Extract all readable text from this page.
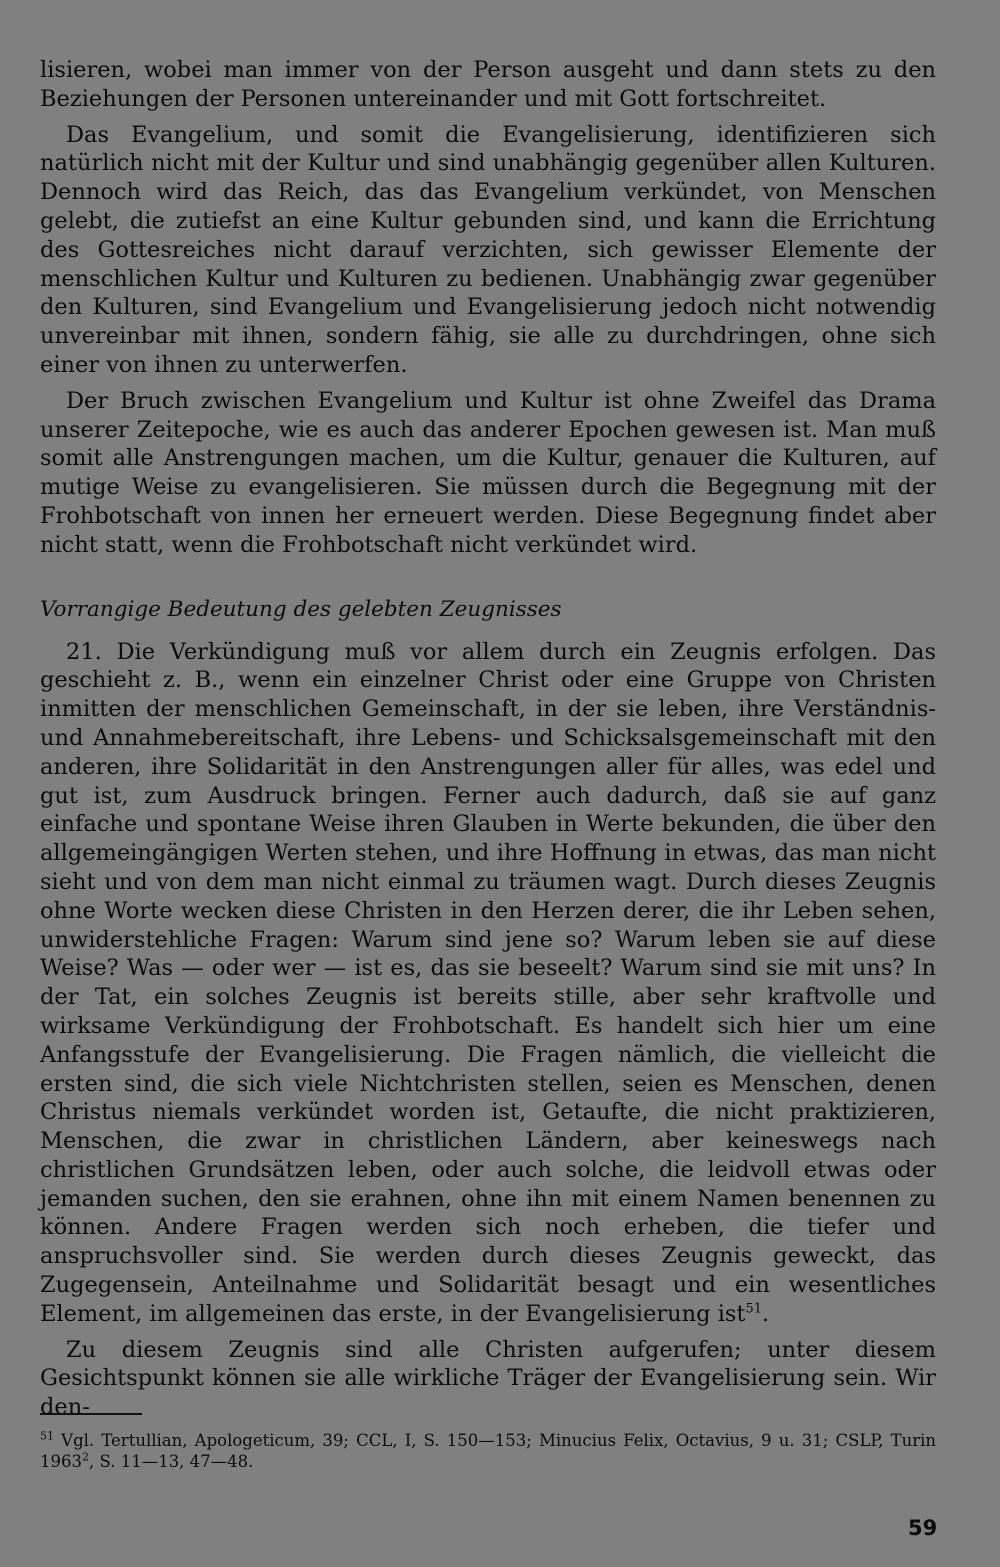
lisieren, wobei man immer von der Person ausgeht und dann stets zu den Beziehungen der Personen untereinander und mit Gott fortschreitet.

Das Evangelium, und somit die Evangelisierung, identifizieren sich natürlich nicht mit der Kultur und sind unabhängig gegenüber allen Kulturen. Dennoch wird das Reich, das das Evangelium verkündet, von Menschen gelebt, die zutiefst an eine Kultur gebunden sind, und kann die Errichtung des Gottesreiches nicht darauf verzichten, sich gewisser Elemente der menschlichen Kultur und Kulturen zu bedienen. Unabhängig zwar gegenüber den Kulturen, sind Evangelium und Evangelisierung jedoch nicht notwendig unvereinbar mit ihnen, sondern fähig, sie alle zu durchdringen, ohne sich einer von ihnen zu unterwerfen.

Der Bruch zwischen Evangelium und Kultur ist ohne Zweifel das Drama unserer Zeitepoche, wie es auch das anderer Epochen gewesen ist. Man muß somit alle Anstrengungen machen, um die Kultur, genauer die Kulturen, auf mutige Weise zu evangelisieren. Sie müssen durch die Begegnung mit der Frohbotschaft von innen her erneuert werden. Diese Begegnung findet aber nicht statt, wenn die Frohbotschaft nicht verkündet wird.

Vorrangige Bedeutung des gelebten Zeugnisses

21. Die Verkündigung muß vor allem durch ein Zeugnis erfolgen. Das geschieht z. B., wenn ein einzelner Christ oder eine Gruppe von Christen inmitten der menschlichen Gemeinschaft, in der sie leben, ihre Verständnis- und Annahmebereitschaft, ihre Lebens- und Schicksalsgemeinschaft mit den anderen, ihre Solidarität in den Anstrengungen aller für alles, was edel und gut ist, zum Ausdruck bringen. Ferner auch dadurch, daß sie auf ganz einfache und spontane Weise ihren Glauben in Werte bekunden, die über den allgemeingängigen Werten stehen, und ihre Hoffnung in etwas, das man nicht sieht und von dem man nicht einmal zu träumen wagt. Durch dieses Zeugnis ohne Worte wecken diese Christen in den Herzen derer, die ihr Leben sehen, unwiderstehliche Fragen: Warum sind jene so? Warum leben sie auf diese Weise? Was — oder wer — ist es, das sie beseelt? Warum sind sie mit uns? In der Tat, ein solches Zeugnis ist bereits stille, aber sehr kraftvolle und wirksame Verkündigung der Frohbotschaft. Es handelt sich hier um eine Anfangsstufe der Evangelisierung. Die Fragen nämlich, die vielleicht die ersten sind, die sich viele Nichtchristen stellen, seien es Menschen, denen Christus niemals verkündet worden ist, Getaufte, die nicht praktizieren, Menschen, die zwar in christlichen Ländern, aber keineswegs nach christlichen Grundsätzen leben, oder auch solche, die leidvoll etwas oder jemanden suchen, den sie erahnen, ohne ihn mit einem Namen benennen zu können. Andere Fragen werden sich noch erheben, die tiefer und anspruchsvoller sind. Sie werden durch dieses Zeugnis geweckt, das Zugegensein, Anteilnahme und Solidarität besagt und ein wesentliches Element, im allgemeinen das erste, in der Evangelisierung ist$^{51}$.

Zu diesem Zeugnis sind alle Christen aufgerufen; unter diesem Gesichtspunkt können sie alle wirkliche Träger der Evangelisierung sein. Wir den-

$^{51}$ Vgl. Tertullian, Apologeticum, 39; CCL, I, S. 150—153; Minucius Felix, Octavius, 9 u. 31; CSLP, Turin 1963$^2$, S. 11—13, 47—48.
59
